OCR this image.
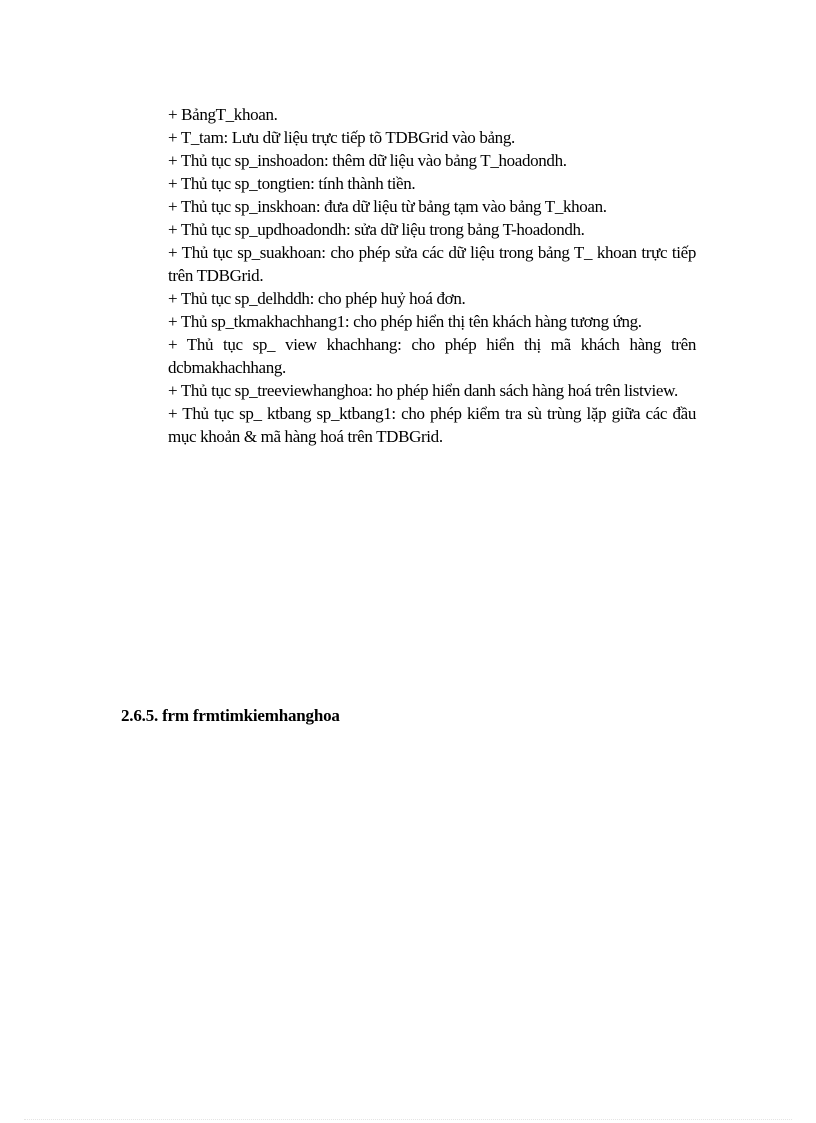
+ BảngT_khoan.

+ T_tam: Lưu dữ liệu trực tiếp tõ TDBGrid vào bảng.

+ Thủ tục sp_inshoadon: thêm dữ liệu vào bảng T_hoadondh.

+ Thủ tục sp_tongtien: tính thành tiền.

+ Thủ tục sp_inskhoan: đưa dữ liệu từ bảng tạm vào bảng T_khoan.

+ Thủ tục sp_updhoadondh: sửa dữ liệu trong bảng T-hoadondh.

+ Thủ tục sp_suakhoan: cho phép sửa các dữ liệu trong bảng T_ khoan trực tiếp trên TDBGrid.

+ Thủ tục sp_delhddh: cho phép huỷ hoá đơn.

+ Thủ sp_tkmakhachhang1: cho phép hiển thị tên khách hàng tương ứng.

+ Thủ tục sp_ view khachhang: cho phép hiển thị mã khách hàng trên dcbmakhachhang.

+ Thủ tục sp_treeviewhanghoa: ho phép hiển danh sách hàng hoá trên listview.

+ Thủ tục sp_ ktbang sp_ktbang1: cho phép kiểm tra sù trùng lặp giữa các đầu mục khoản & mã hàng hoá trên TDBGrid.

2.6.5. frm frmtimkiemhanghoa
